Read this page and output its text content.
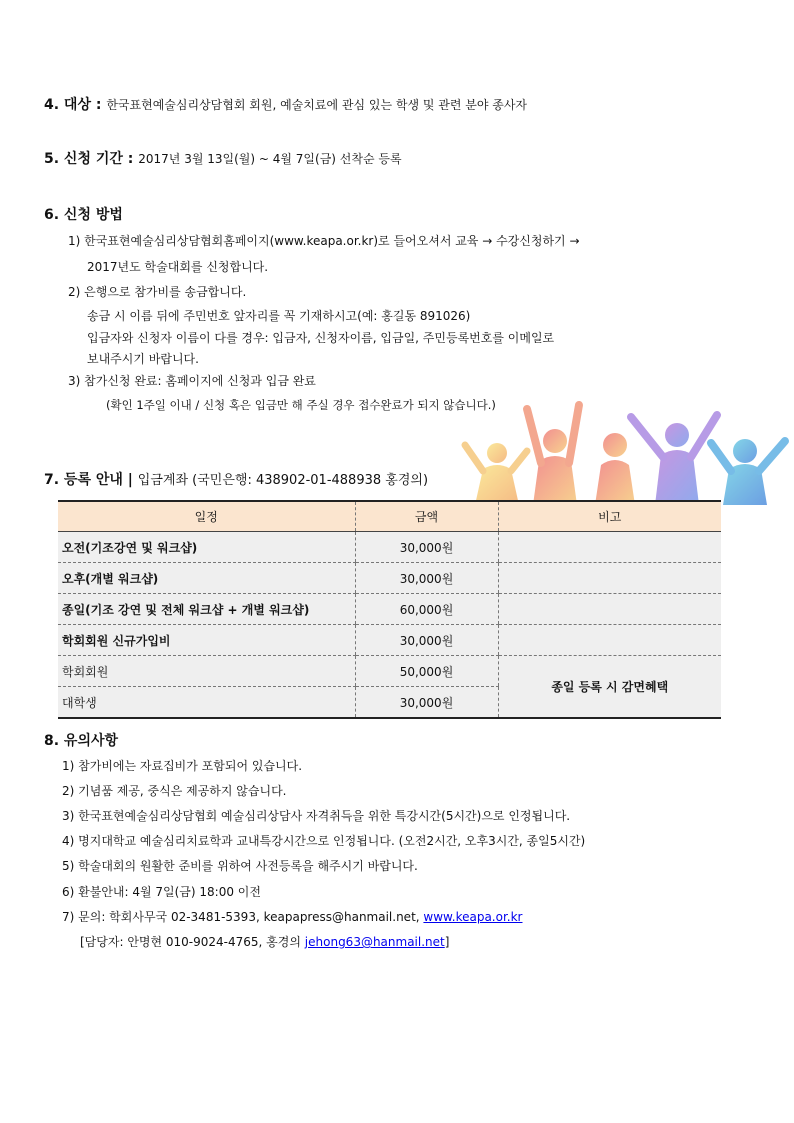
4. 대상 : 한국표현예술심리상담협회 회원, 예술치료에 관심 있는 학생 및 관련 분야 종사자
5. 신청 기간 : 2017년 3월 13일(월) ~ 4월 7일(금) 선착순 등록
6. 신청 방법
1) 한국표현예술심리상담협회홈페이지(www.keapa.or.kr)로 들어오셔서 교육 → 수강신청하기 →
2017년도 학술대회를 신청합니다.
2) 은행으로 참가비를 송금합니다.
송금 시 이름 뒤에 주민번호 앞자리를 꼭 기재하시고(예: 홍길동 891026)
입금자와 신청자 이름이 다를 경우: 입금자, 신청자이름, 입금일, 주민등록번호를 이메일로
보내주시기 바랍니다.
3) 참가신청 완료: 홈페이지에 신청과 입금 완료
(확인 1주일 이내 / 신청 혹은 입금만 해 주실 경우 접수완료가 되지 않습니다.)
7. 등록 안내 | 입금계좌 (국민은행: 438902-01-488938 홍경의)
일정	금액	비고
오전(기조강연 및 워크샵)	30,000원	
오후(개별 워크샵)	30,000원	
종일(기조 강연 및 전체 워크샵 + 개별 워크샵)	60,000원	
학회회원 신규가입비	30,000원	
학회회원	50,000원	종일 등록 시 감면혜택
대학생	30,000원	
8. 유의사항
1) 참가비에는 자료집비가 포함되어 있습니다.
2) 기념품 제공, 중식은 제공하지 않습니다.
3) 한국표현예술심리상담협회 예술심리상담사 자격취득을 위한 특강시간(5시간)으로 인정됩니다.
4) 명지대학교 예술심리치료학과 교내특강시간으로 인정됩니다. (오전2시간, 오후3시간, 종일5시간)
5) 학술대회의 원활한 준비를 위하여 사전등록을 해주시기 바랍니다.
6) 환불안내: 4월 7일(금) 18:00 이전
7) 문의: 학회사무국 02-3481-5393, keapapress@hanmail.net, www.keapa.or.kr
[담당자: 안명현 010-9024-4765, 홍경의 jehong63@hanmail.net]
